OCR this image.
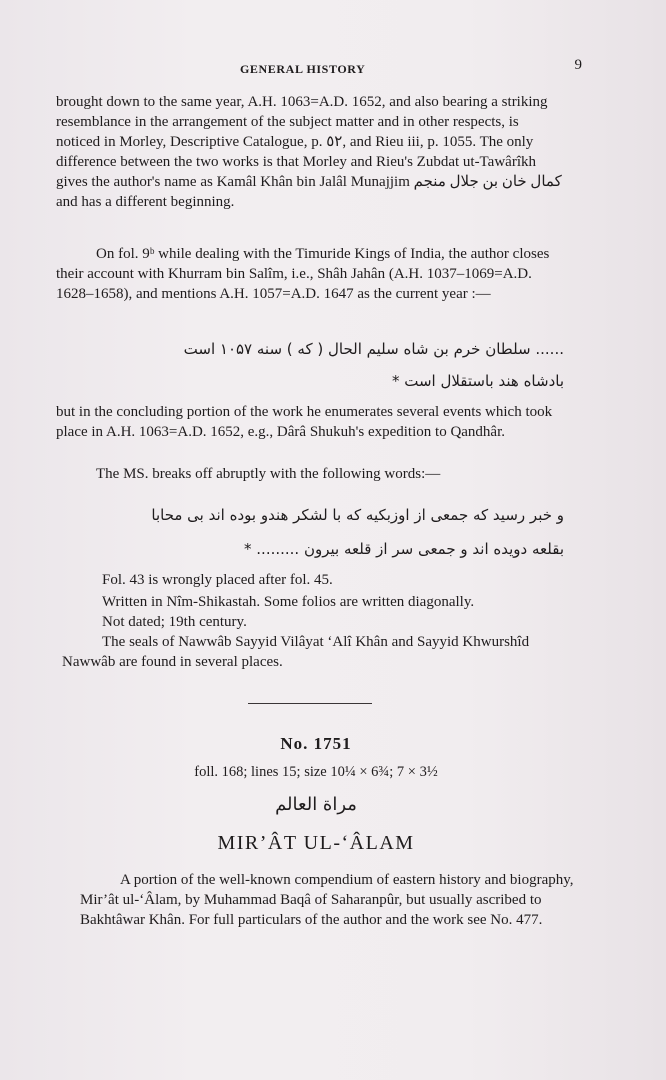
GENERAL HISTORY	9

brought down to the same year, A.H. 1063=A.D. 1652, and also bearing a striking resemblance in the arrangement of the subject matter and in other respects, is noticed in Morley, Descriptive Catalogue, p. ٥٢, and Rieu iii, p. 1055. The only difference between the two works is that Morley and Rieu's Zubdat ut-Tawârîkh gives the author's name as Kamâl Khân bin Jalâl Munajjim كمال خان بن جلال منجم and has a different beginning.

On fol. 9ᵇ while dealing with the Timuride Kings of India, the author closes their account with Khurram bin Salîm, i.e., Shâh Jahân (A.H. 1037–1069=A.D. 1628–1658), and mentions A.H. 1057=A.D. 1647 as the current year :—

...... سلطان خرم بن شاه سلیم الحال ( که ) سنه ۱۰۵۷ است

بادشاه هند باستقلال است *

but in the concluding portion of the work he enumerates several events which took place in A.H. 1063=A.D. 1652, e.g., Dârâ Shukuh's expedition to Qandhâr.

The MS. breaks off abruptly with the following words:—

و خبر رسید که جمعی از اوزبکیه که با لشکر هندو بوده اند بی محابا

بقلعه دویده اند و جمعی سر از قلعه بیرون ......... *

Fol. 43 is wrongly placed after fol. 45.

Written in Nîm-Shikastah. Some folios are written diagonally.

Not dated; 19th century.

The seals of Nawwâb Sayyid Vilâyat ‘Alî Khân and Sayyid Khwurshîd Nawwâb are found in several places.

No. 1751

foll. 168; lines 15; size 10¼ × 6¾; 7 × 3½

مراة العالم

MIR’ÂT UL-‘ÂLAM

A portion of the well-known compendium of eastern history and biography, Mir’ât ul-‘Âlam, by Muhammad Baqâ of Saharanpûr, but usually ascribed to Bakhtâwar Khân. For full particulars of the author and the work see No. 477.
